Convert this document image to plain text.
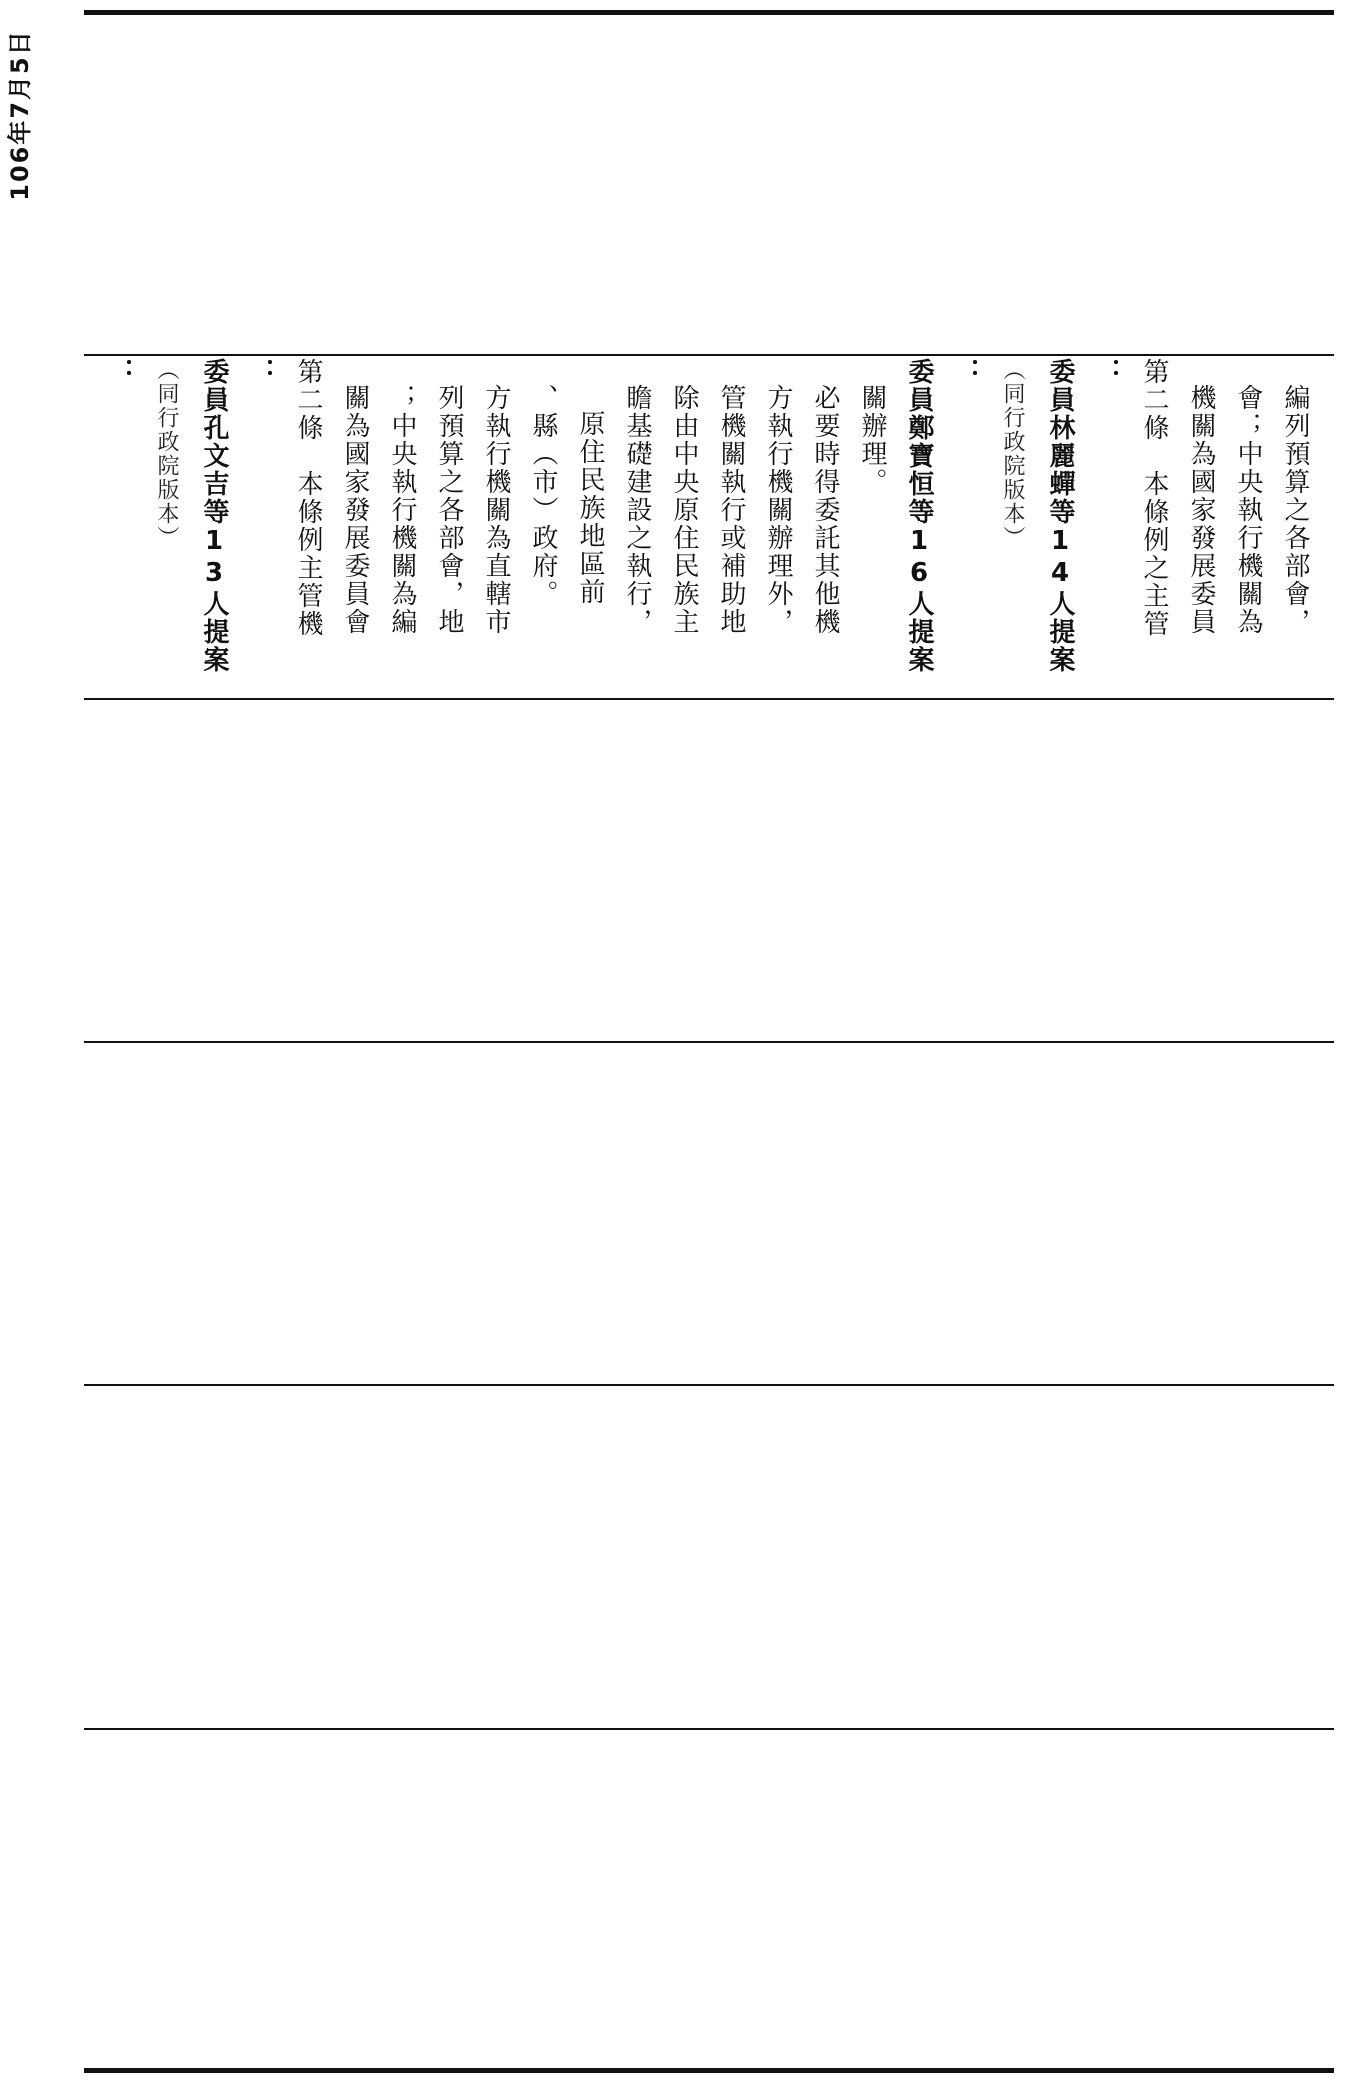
106年7月5日
： （同行政院版本） 委員孔文吉等13人提案 ： 第二條　本條例主管機 關為國家發展委員會 ；中央執行機關為編 列預算之各部會，地 方執行機關為直轄市 、縣（市）政府。 原住民族地區前 瞻基礎建設之執行， 除由中央原住民族主 管機關執行或補助地 方執行機關辦理外， 必要時得委託其他機 關辦理。 委員鄭寶恒等16人提案 ： （同行政院版本） 委員林麗蟬等14人提案 ： 第二條　本條例之主管 機關為國家發展委員 會；中央執行機關為 編列預算之各部會，
